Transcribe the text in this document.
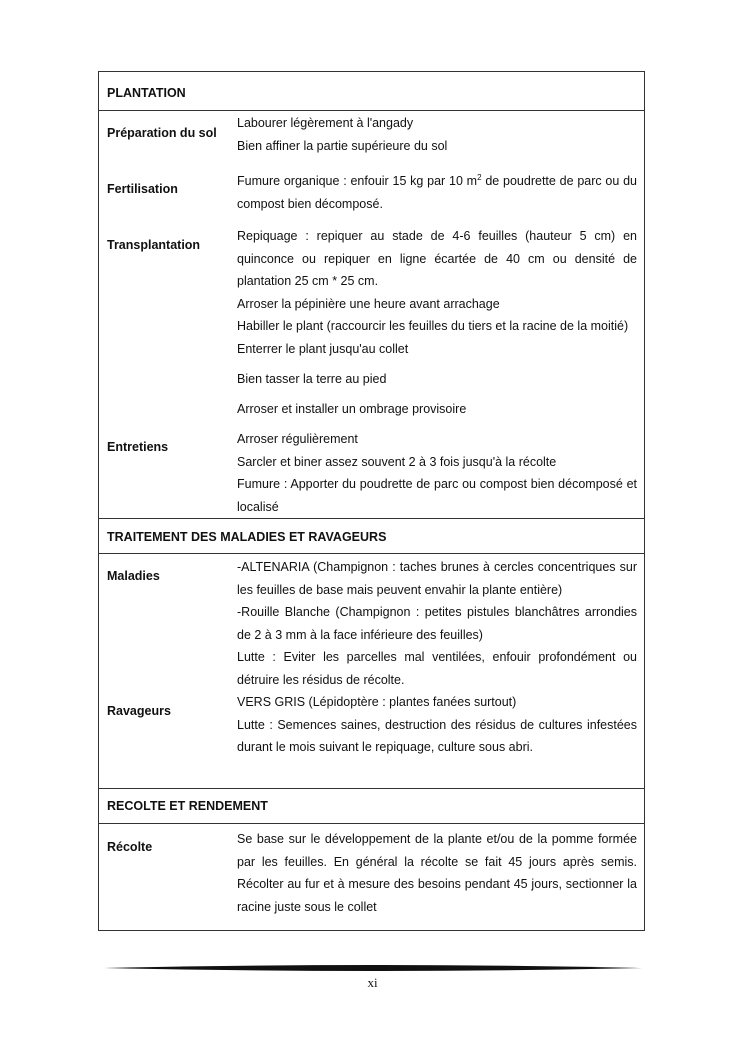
PLANTATION
Préparation du sol

Labourer légèrement à l'angady

Bien affiner la partie supérieure du sol

Fertilisation

Fumure organique : enfouir 15 kg par 10 $m^2$ de poudrette de parc ou du compost bien décomposé.

Transplantation

Repiquage : repiquer au stade de 4-6 feuilles (hauteur 5 cm) en quinconce ou repiquer en ligne écartée de 40 cm ou densité de plantation 25 cm * 25 cm.

Arroser la pépinière une heure avant arrachage

Habiller le plant (raccourcir les feuilles du tiers et la racine de la moitié)

Enterrer le plant jusqu'au collet

Bien tasser la terre au pied

Arroser et installer un ombrage provisoire

Entretiens

Arroser régulièrement

Sarcler et biner assez souvent 2 à 3 fois jusqu'à la récolte

Fumure : Apporter du poudrette de parc ou compost bien décomposé et localisé

TRAITEMENT DES MALADIES ET RAVAGEURS
Maladies
Ravageurs

-ALTENARIA (Champignon : taches brunes à cercles concentriques sur les feuilles de base mais peuvent envahir la plante entière)

-Rouille Blanche (Champignon : petites pistules blanchâtres arrondies de 2 à 3 mm à la face inférieure des feuilles)

Lutte : Eviter les parcelles mal ventilées, enfouir profondément ou détruire les résidus de récolte.

VERS GRIS (Lépidoptère : plantes fanées surtout)

Lutte : Semences saines, destruction des résidus de cultures infestées durant le mois suivant le repiquage, culture sous abri.

RECOLTE ET RENDEMENT
Récolte

Se base sur le développement de la plante et/ou de la pomme formée par les feuilles. En général la récolte se fait 45 jours après semis. Récolter au fur et à mesure des besoins pendant 45 jours, sectionner la racine juste sous le collet

xi
